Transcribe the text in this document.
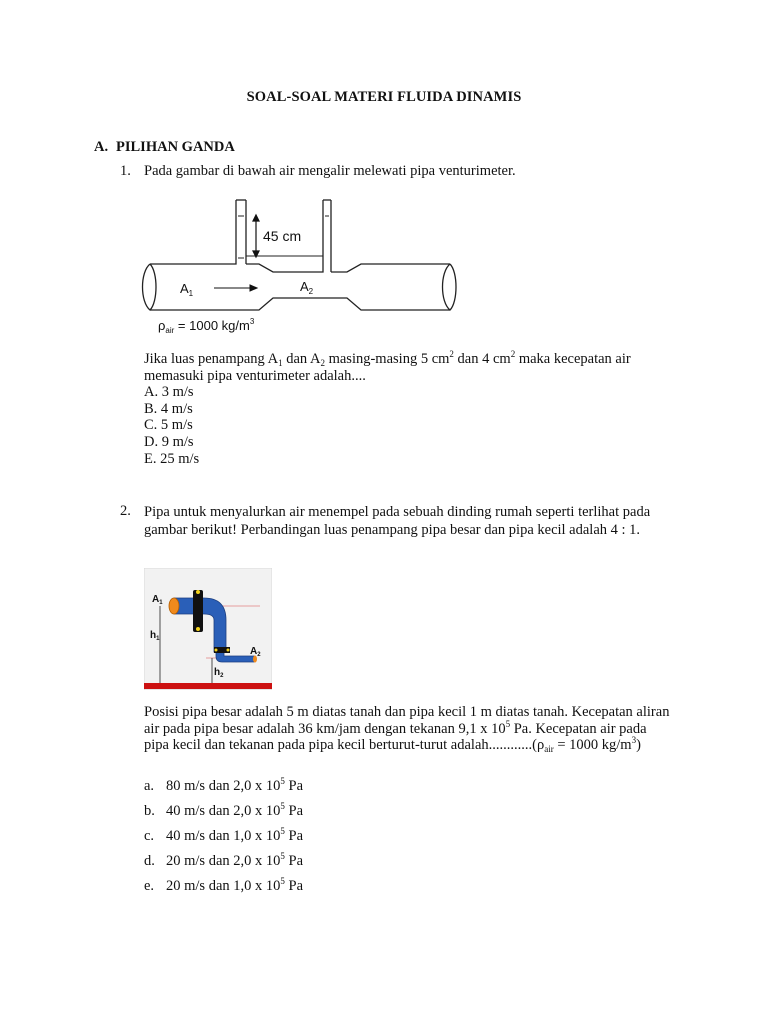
SOAL-SOAL MATERI FLUIDA DINAMIS
A. PILIHAN GANDA
1. Pada gambar di bawah air mengalir melewati pipa venturimeter.
45 cm
$A_1$	$A_2$
$\rho_{air} = 1000$ $kg/m^3$
Jika luas penampang $A_1$ dan $A_2$ masing-masing 5 $cm^2$ dan 4 $cm^2$ maka kecepatan air
memasuki pipa venturimeter adalah....
A. 3 m/s
B. 4 m/s
C. 5 m/s
D. 9 m/s
E. 25 m/s
2. Pipa untuk menyalurkan air menempel pada sebuah dinding rumah seperti terlihat pada gambar berikut! Perbandingan luas penampang pipa besar dan pipa kecil adalah 4 : 1.
$A_1$
$h_1$
$A_2$
$h_2$
Posisi pipa besar adalah 5 m diatas tanah dan pipa kecil 1 m diatas tanah. Kecepatan aliran air pada pipa besar adalah 36 km/jam dengan tekanan 9,1 x $10^5$ Pa. Kecepatan air pada pipa kecil dan tekanan pada pipa kecil berturut-turut $adalah............(\rho_{air} = 1000$ $kg/m^3$)
a. 80 m/s dan 2,0 x $10^5$ Pa
b. 40 m/s dan 2,0 x $10^5$ Pa
c. 40 m/s dan 1,0 x $10^5$ Pa
d. 20 m/s dan 2,0 x $10^5$ Pa
e. 20 m/s dan 1,0 x $10^5$ Pa
